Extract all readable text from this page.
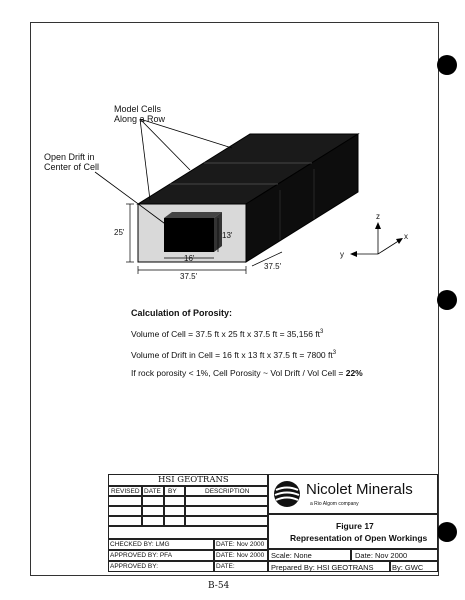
Model Cells
Along a Row
Open Drift in
Center of Cell
25'	13'
16'
37.5'
37.5'
z
x
y
Calculation of Porosity:
Volume of Cell = 37.5 ft x 25 ft x 37.5 ft = 35,156 $ft^3$
Volume of Drift in Cell = 16 ft x 13 ft x 37.5 ft = 7800 $ft^3$
If rock porosity < 1%, Cell Porosity ~ Vol Drift / Vol Cell = 22%
HSI GEOTRANS
REVISED DATE BY	DESCRIPTION
CHECKED BY: LMG	DATE: Nov 2000
APPROVED BY: PFA	DATE: Nov 2000
APPROVED BY:	DATE:
Nicolet Minerals
a Rio Algom company
Figure 17
Representation of Open Workings
Scale: None	Date: Nov 2000
Prepared By: HSI GEOTRANS By: GWC
B-54
